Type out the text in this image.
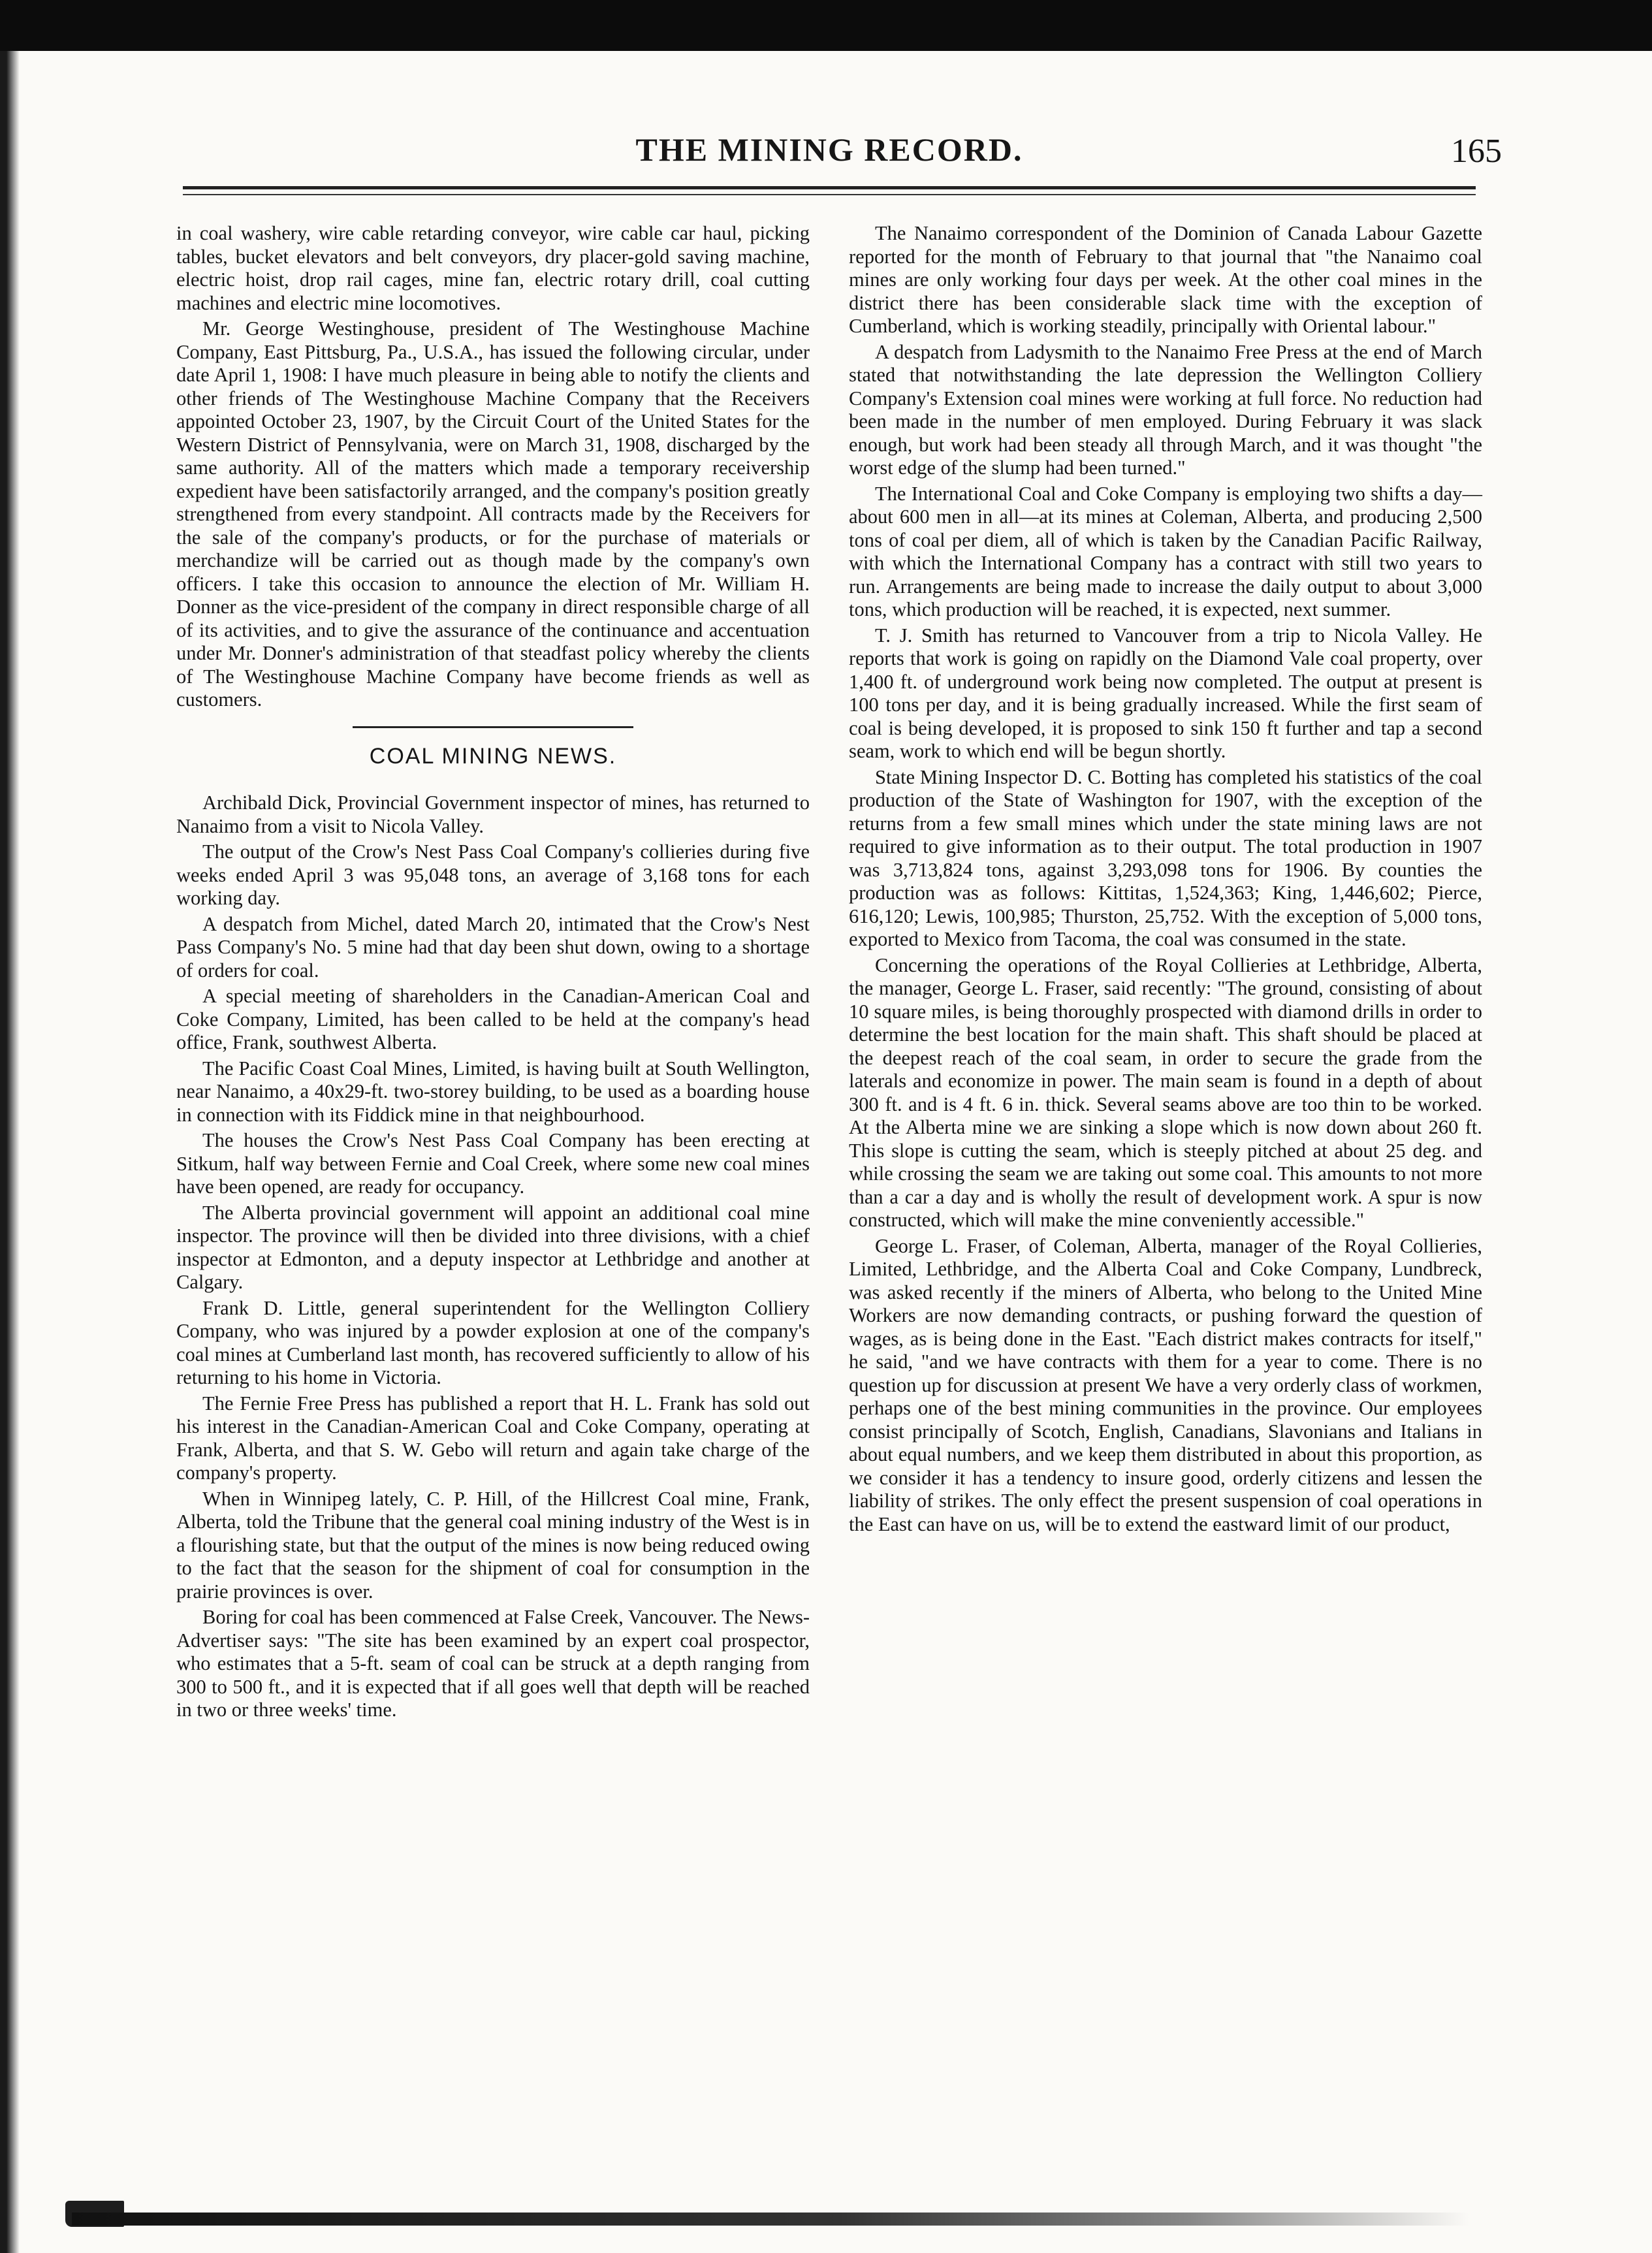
THE MINING RECORD.	165

in coal washery, wire cable retarding conveyor, wire cable car haul, picking tables, bucket elevators and belt conveyors, dry placer-gold saving machine, electric hoist, drop rail cages, mine fan, electric rotary drill, coal cutting machines and electric mine locomotives.

Mr. George Westinghouse, president of The Westinghouse Machine Company, East Pittsburg, Pa., U.S.A., has issued the following circular, under date April 1, 1908: I have much pleasure in being able to notify the clients and other friends of The Westinghouse Machine Company that the Receivers appointed October 23, 1907, by the Circuit Court of the United States for the Western District of Pennsylvania, were on March 31, 1908, discharged by the same authority. All of the matters which made a temporary receivership expedient have been satisfactorily arranged, and the company's position greatly strengthened from every standpoint. All contracts made by the Receivers for the sale of the company's products, or for the purchase of materials or merchandize will be carried out as though made by the company's own officers. I take this occasion to announce the election of Mr. William H. Donner as the vice-president of the company in direct responsible charge of all of its activities, and to give the assurance of the continuance and accentuation under Mr. Donner's administration of that steadfast policy whereby the clients of The Westinghouse Machine Company have become friends as well as customers.

COAL MINING NEWS.

Archibald Dick, Provincial Government inspector of mines, has returned to Nanaimo from a visit to Nicola Valley.

The output of the Crow's Nest Pass Coal Company's collieries during five weeks ended April 3 was 95,048 tons, an average of 3,168 tons for each working day.

A despatch from Michel, dated March 20, intimated that the Crow's Nest Pass Company's No. 5 mine had that day been shut down, owing to a shortage of orders for coal.

A special meeting of shareholders in the Canadian-American Coal and Coke Company, Limited, has been called to be held at the company's head office, Frank, southwest Alberta.

The Pacific Coast Coal Mines, Limited, is having built at South Wellington, near Nanaimo, a 40x29-ft. two-storey building, to be used as a boarding house in connection with its Fiddick mine in that neighbourhood.

The houses the Crow's Nest Pass Coal Company has been erecting at Sitkum, half way between Fernie and Coal Creek, where some new coal mines have been opened, are ready for occupancy.

The Alberta provincial government will appoint an additional coal mine inspector. The province will then be divided into three divisions, with a chief inspector at Edmonton, and a deputy inspector at Lethbridge and another at Calgary.

Frank D. Little, general superintendent for the Wellington Colliery Company, who was injured by a powder explosion at one of the company's coal mines at Cumberland last month, has recovered sufficiently to allow of his returning to his home in Victoria.

The Fernie Free Press has published a report that H. L. Frank has sold out his interest in the Canadian-American Coal and Coke Company, operating at Frank, Alberta, and that S. W. Gebo will return and again take charge of the company's property.

When in Winnipeg lately, C. P. Hill, of the Hillcrest Coal mine, Frank, Alberta, told the Tribune that the general coal mining industry of the West is in a flourishing state, but that the output of the mines is now being reduced owing to the fact that the season for the shipment of coal for consumption in the prairie provinces is over.

Boring for coal has been commenced at False Creek, Vancouver. The News-Advertiser says: "The site has been examined by an expert coal prospector, who estimates that a 5-ft. seam of coal can be struck at a depth ranging from 300 to 500 ft., and it is expected that if all goes well that depth will be reached in two or three weeks' time.

The Nanaimo correspondent of the Dominion of Canada Labour Gazette reported for the month of February to that journal that "the Nanaimo coal mines are only working four days per week. At the other coal mines in the district there has been considerable slack time with the exception of Cumberland, which is working steadily, principally with Oriental labour."

A despatch from Ladysmith to the Nanaimo Free Press at the end of March stated that notwithstanding the late depression the Wellington Colliery Company's Extension coal mines were working at full force. No reduction had been made in the number of men employed. During February it was slack enough, but work had been steady all through March, and it was thought "the worst edge of the slump had been turned."

The International Coal and Coke Company is employing two shifts a day—about 600 men in all—at its mines at Coleman, Alberta, and producing 2,500 tons of coal per diem, all of which is taken by the Canadian Pacific Railway, with which the International Company has a contract with still two years to run. Arrangements are being made to increase the daily output to about 3,000 tons, which production will be reached, it is expected, next summer.

T. J. Smith has returned to Vancouver from a trip to Nicola Valley. He reports that work is going on rapidly on the Diamond Vale coal property, over 1,400 ft. of underground work being now completed. The output at present is 100 tons per day, and it is being gradually increased. While the first seam of coal is being developed, it is proposed to sink 150 ft further and tap a second seam, work to which end will be begun shortly.

State Mining Inspector D. C. Botting has completed his statistics of the coal production of the State of Washington for 1907, with the exception of the returns from a few small mines which under the state mining laws are not required to give information as to their output. The total production in 1907 was 3,713,824 tons, against 3,293,098 tons for 1906. By counties the production was as follows: Kittitas, 1,524,363; King, 1,446,602; Pierce, 616,120; Lewis, 100,985; Thurston, 25,752. With the exception of 5,000 tons, exported to Mexico from Tacoma, the coal was consumed in the state.

Concerning the operations of the Royal Collieries at Lethbridge, Alberta, the manager, George L. Fraser, said recently: "The ground, consisting of about 10 square miles, is being thoroughly prospected with diamond drills in order to determine the best location for the main shaft. This shaft should be placed at the deepest reach of the coal seam, in order to secure the grade from the laterals and economize in power. The main seam is found in a depth of about 300 ft. and is 4 ft. 6 in. thick. Several seams above are too thin to be worked. At the Alberta mine we are sinking a slope which is now down about 260 ft. This slope is cutting the seam, which is steeply pitched at about 25 deg. and while crossing the seam we are taking out some coal. This amounts to not more than a car a day and is wholly the result of development work. A spur is now constructed, which will make the mine conveniently accessible."

George L. Fraser, of Coleman, Alberta, manager of the Royal Collieries, Limited, Lethbridge, and the Alberta Coal and Coke Company, Lundbreck, was asked recently if the miners of Alberta, who belong to the United Mine Workers are now demanding contracts, or pushing forward the question of wages, as is being done in the East. "Each district makes contracts for itself," he said, "and we have contracts with them for a year to come. There is no question up for discussion at present We have a very orderly class of workmen, perhaps one of the best mining communities in the province. Our employees consist principally of Scotch, English, Canadians, Slavonians and Italians in about equal numbers, and we keep them distributed in about this proportion, as we consider it has a tendency to insure good, orderly citizens and lessen the liability of strikes. The only effect the present suspension of coal operations in the East can have on us, will be to extend the eastward limit of our product,
